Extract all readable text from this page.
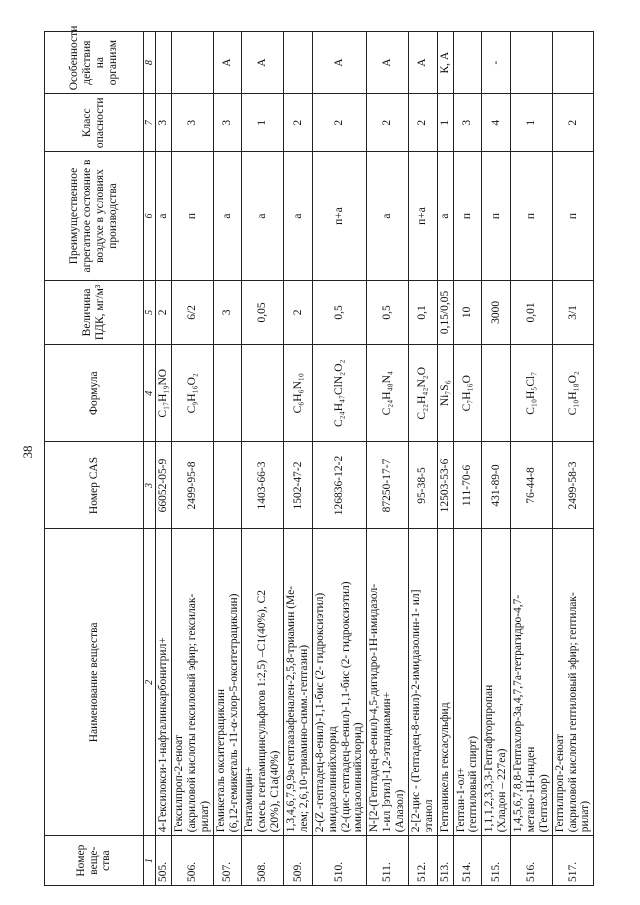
38
Номер веще-ства	Наименование вещества	Номер CAS	Формула	Величина ПДК, мг/м³	Преимущественное агрегатное состояние в воздухе в условиях производства	Класс опасности	Особенности действия на организм
1	2	3	4	5	6	7	8
505.	4-Гексилокси-1-нафталинкарбонитрил+	66052-05-9	C₁₇H₁₉NO	2	а	3	
506.	Гексилпроп-2-еноат (акриловой кислоты гексиловый эфир; гексилак- рилат)	2499-95-8	C₉H₁₆O₂	6/2	п	3	
507.	Гемикеталь окситетрациклин (6,12-гемикеталь -11-α-хлор-5-окситетрациклин)			3	а	3	А
508.	Гентамицин+ (смесь гентамицинсульфатов 1:2,5) –C1(40%), C2 (20%), C1a(40%)	1403-66-3		0,05	а	1	А
509.	1,3,4,6,7,9,9а-гептаазафенален-2,5,8-триамин (Ме- лем; 2,6,10-триамино-симм.-гептазин)	1502-47-2	C₆H₆N₁₀	2	а	2	
510.	2-(Z -гептадец-8-енил)-1,1-бис (2- гидроксиэтил) имидазолинийхлорид (2-(цис-гептадец-8-енил)-1,1-бис (2- гидроксиэтил) имидазолинийхлорид)	126836-12-2	C₂₄H₄₇ClN₂O₂	0,5	п+а	2	А
511.	N-[2-(Гептадец-8-енил)-4,5-дигидро-1Н-имидазол- 1-ил ]этил]-1,2-этандиамин+ (Алазол)	87250-17-7	C₂₄H₄₈N₄	0,5	а	2	А
512.	2-[2-цис - (Гептадец-8-енил)-2-имидазолин-1- ил] этанол	95-38-5	C₂₂H₄₂N₂O	0,1	п+а	2	А
513.	Гептаникель гексасульфид	12503-53-6	Ni₇S₆	0,15/0,05	а	1	К, А
514.	Гептан-1-ол+ (гептиловый спирт)	111-70-6	C₇H₁₆O	10	п	3	
515.	1,1,1,2,3,3,3-Гептафторпропан (Хладон – 227еа)	431-89-0		3000	п	4	-
516.	1,4,5,6,7,8,8-Гептахлор-3а,4,7,7а-тетрагидро-4,7- метано-1Н-инден (Гептахлор)	76-44-8	C₁₀H₅Cl₇	0,01	п	1	
517.	Гептилпроп-2-еноат (акриловой кислоты гептиловый эфир; гептилак- рилат)	2499-58-3	C₁₀H₁₈O₂	3/1	п	2	
